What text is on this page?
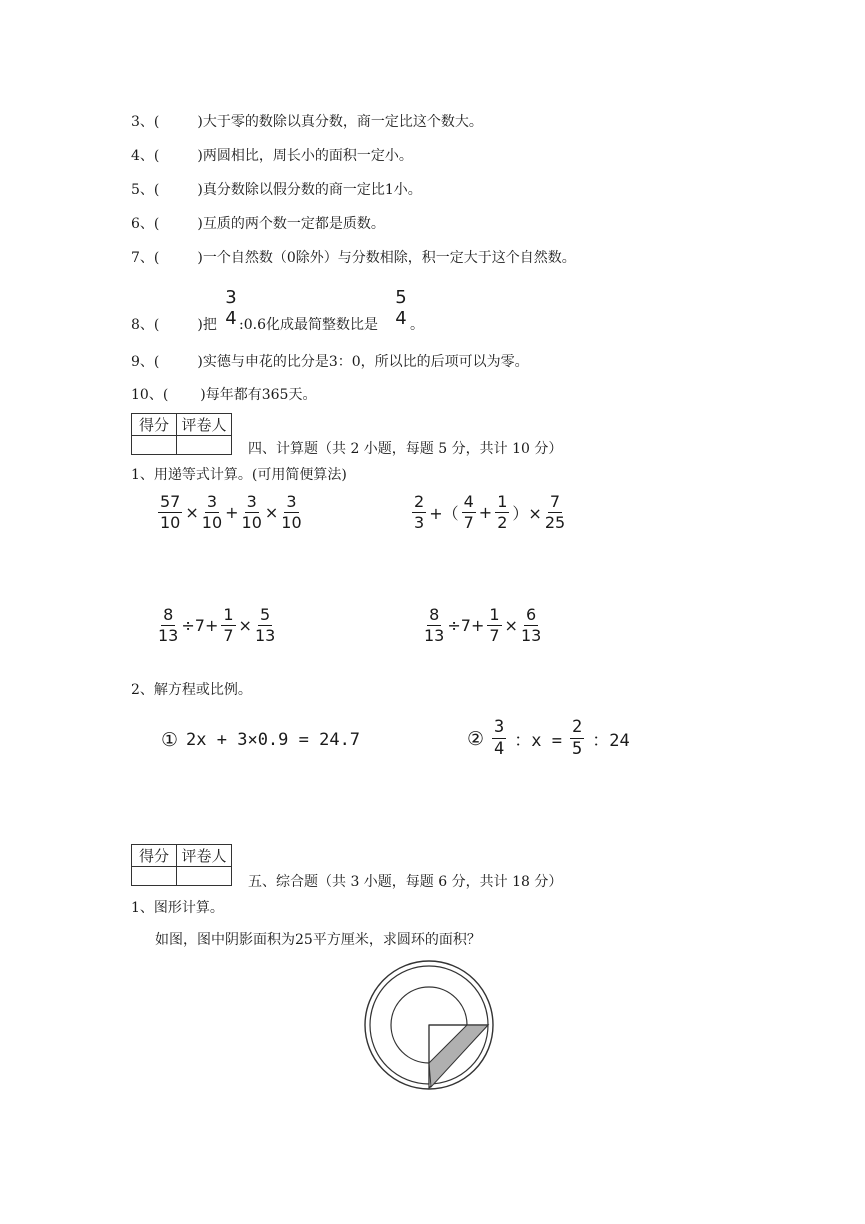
3、(	)大于零的数除以真分数，商一定比这个数大。
4、(	)两圆相比，周长小的面积一定小。
5、(	)真分数除以假分数的商一定比1小。
6、(	)互质的两个数一定都是质数。
7、(	)一个自然数（0除外）与分数相除，积一定大于这个自然数。
8、(	)把
3
4 :0.6化成最简整数比是
5
4 。
9、(	)实德与申花的比分是3：0，所以比的后项可以为零。
10、( )每年都有365天。
得分	评卷人

四、计算题（共 2 小题，每题 5 分，共计 10 分）
1、用递等式计算。(可用简便算法)
$\frac{57}{10} \times \frac{3}{10} + \frac{3}{10} \times \frac{3}{10}$	$\frac{2}{3}$ +（ $\frac{4}{7} + \frac{1}{2}$ ）× $\frac{7}{25}$
$\frac{8}{13} \div 7+ \frac{1}{7} \times \frac{5}{13}$	$\frac{8}{13} \div 7+ \frac{1}{7} \times \frac{6}{13}$
2、解方程或比例。
① 2x + 3×0.9 = 24.7	② $\frac{3}{4}$ ：$x = \frac{2}{5}$ ：24
得分	评卷人

五、综合题（共 3 小题，每题 6 分，共计 18 分）
1、图形计算。
如图，图中阴影面积为25平方厘米，求圆环的面积？
